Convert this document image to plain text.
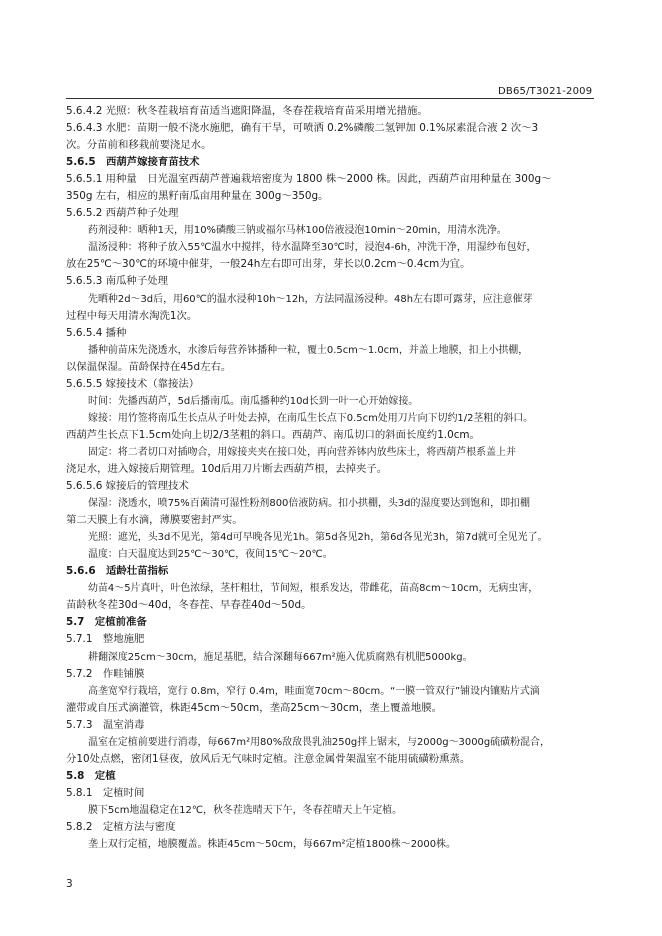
DB65/T3021-2009
5.6.4.2 光照：秋冬茬栽培育苗适当遮阳降温，冬春茬栽培育苗采用增光措施。
5.6.4.3 水肥：苗期一般不浇水施肥，确有干旱，可喷洒 0.2%磷酸二氢钾加 0.1%尿素混合液 2 次～3
次。分苗前和移栽前要浇足水。
5.6.5　西葫芦嫁接育苗技术
5.6.5.1 用种量　日光温室西葫芦普遍栽培密度为 1800 株～2000 株。因此，西葫芦亩用种量在 300g～
350g 左右，相应的黑籽南瓜亩用种量在 300g～350g。
5.6.5.2 西葫芦种子处理
药剂浸种：晒种1天，用10%磷酸三钠或福尔马林100倍液浸泡10min～20min，用清水洗净。
温汤浸种：将种子放入55℃温水中搅拌，待水温降至30℃时，浸泡4-6h，冲洗干净，用湿纱布包好，
放在25℃～30℃的环境中催芽，一般24h左右即可出芽，芽长以0.2cm～0.4cm为宜。
5.6.5.3 南瓜种子处理
先晒种2d～3d后，用60℃的温水浸种10h～12h，方法同温汤浸种。48h左右即可露芽，应注意催芽
过程中每天用清水淘洗1次。
5.6.5.4 播种
播种前苗床先浇透水，水渗后每营养钵播种一粒，覆土0.5cm～1.0cm，并盖上地膜，扣上小拱棚，
以保温保湿。苗龄保持在45d左右。
5.6.5.5 嫁接技术（靠接法）
时间：先播西葫芦，5d后播南瓜。南瓜播种约10d长到一叶一心开始嫁接。
嫁接：用竹签将南瓜生长点从子叶处去掉，在南瓜生长点下0.5cm处用刀片向下切约1/2茎粗的斜口。
西葫芦生长点下1.5cm处向上切2/3茎粗的斜口。西葫芦、南瓜切口的斜面长度约1.0cm。
固定：将二者切口对插吻合，用嫁接夹夹在接口处，再向营养钵内放些床土，将西葫芦根系盖上并
浇足水，进入嫁接后期管理。10d后用刀片断去西葫芦根，去掉夹子。
5.6.5.6 嫁接后的管理技术
保湿：浇透水，喷75%百菌清可湿性粉剂800倍液防病。扣小拱棚，头3d的湿度要达到饱和，即扣棚
第二天膜上有水滴，薄膜要密封严实。
光照：遮光，头3d不见光，第4d可早晚各见光1h。第5d各见2h，第6d各见光3h，第7d就可全见光了。
温度：白天温度达到25℃～30℃，夜间15℃～20℃。
5.6.6　适龄壮苗指标
幼苗4～5片真叶，叶色浓绿，茎杆粗壮，节间短，根系发达，带雌花，苗高8cm～10cm，无病虫害，
苗龄秋冬茬30d～40d，冬春茬、早春茬40d～50d。
5.7　定植前准备
5.7.1　整地施肥
耕翻深度25cm～30cm，施足基肥，结合深翻每667m²施入优质腐熟有机肥5000kg。
5.7.2　作畦铺膜
高垄宽窄行栽培，宽行 0.8m，窄行 0.4m，畦面宽70cm～80cm。“一膜一管双行”铺设内镶贴片式滴
灌带或自压式滴灌管，株距45cm～50cm，垄高25cm～30cm，垄上覆盖地膜。
5.7.3　温室消毒
温室在定植前要进行消毒，每667m²用80%敌敌畏乳油250g拌上锯末，与2000g～3000g硫磺粉混合，
分10处点燃，密闭1昼夜，放风后无气味时定植。注意金属骨架温室不能用硫磺粉熏蒸。
5.8　定植
5.8.1　定植时间
膜下5cm地温稳定在12℃，秋冬茬选晴天下午，冬春茬晴天上午定植。
5.8.2　定植方法与密度
垄上双行定植，地膜覆盖。株距45cm～50cm，每667m²定植1800株～2000株。
3
